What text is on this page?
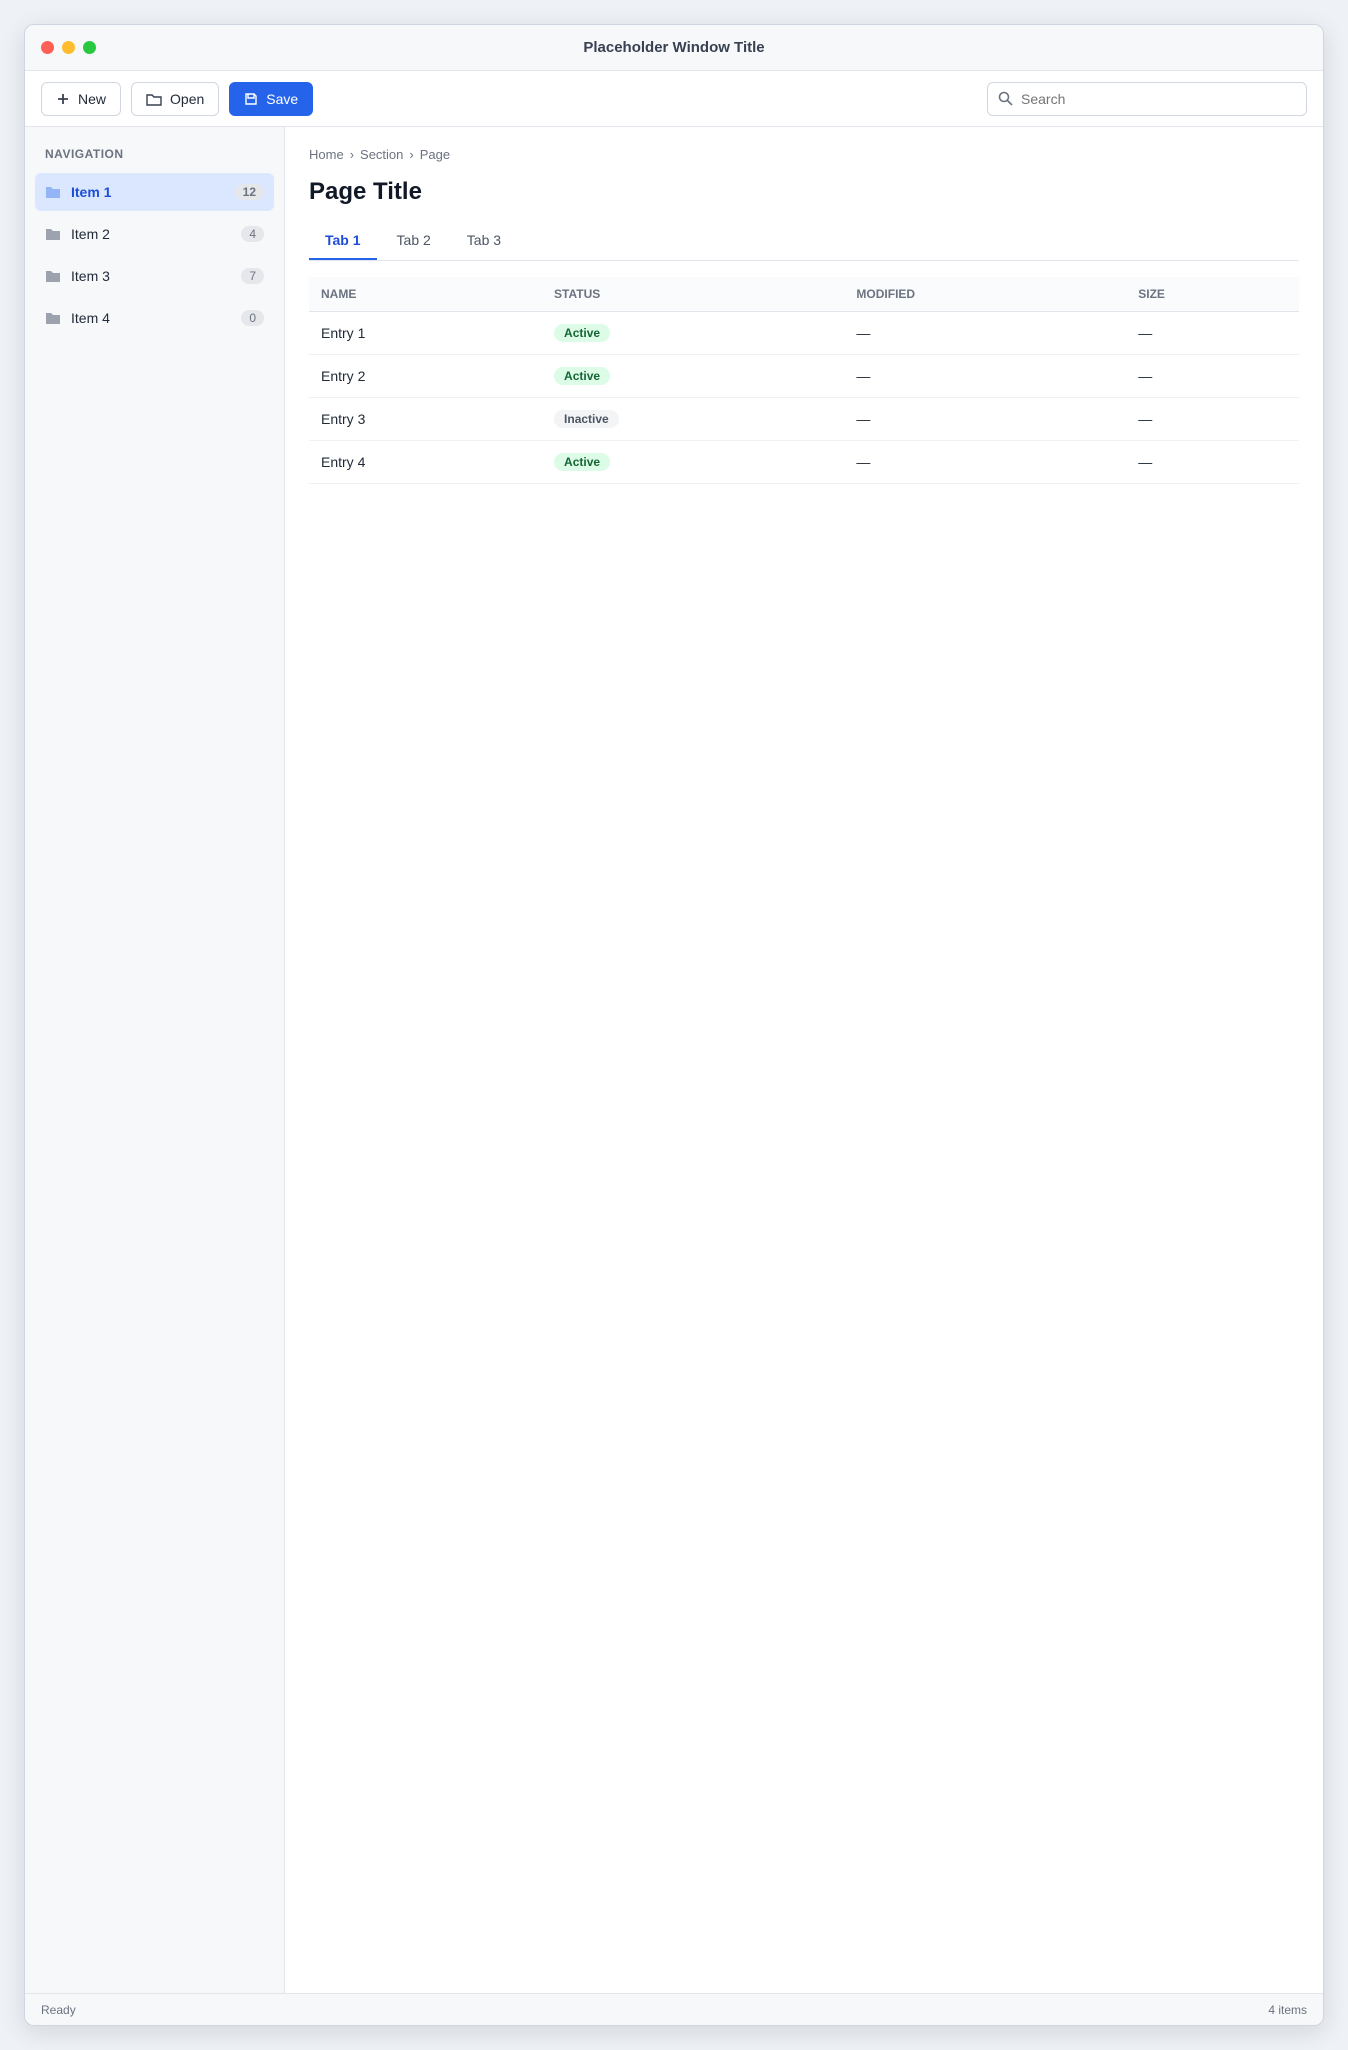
Placeholder Window Title
New	Open	Save
Search
NAVIGATION
Item 1	12
Item 2	4
Item 3	7
Item 4	0
Home › Section › Page
Page Title
Tab 1	Tab 2	Tab 3
NAME	STATUS	MODIFIED	SIZE
Entry 1	Active	—	—
Entry 2	Active	—	—
Entry 3	Inactive	—	—
Entry 4	Active	—	—
Ready	4 items
